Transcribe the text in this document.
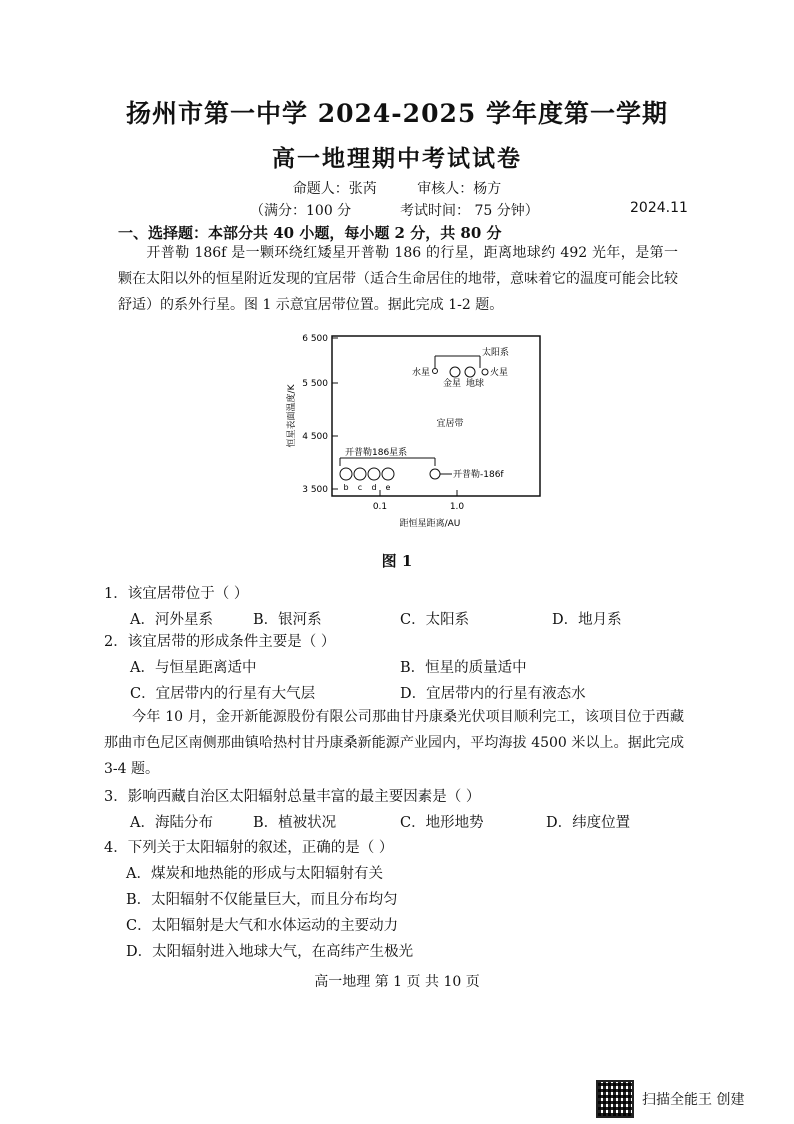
扬州市第一中学 2024-2025 学年度第一学期
高一地理期中考试试卷
命题人：张芮	审核人：杨方
（满分：100 分	考试时间： 75 分钟）	2024.11
一、选择题：本部分共 40 小题，每小题 2 分，共 80 分
开普勒 186f 是一颗环绕红矮星开普勒 186 的行星，距离地球约 492 光年，是第一颗在太阳以外的恒星附近发现的宜居带（适合生命居住的地带，意味着它的温度可能会比较舒适）的系外行星。图 1 示意宜居带位置。据此完成 1-2 题。
6 500
5 500
4 500
3 500
0.1	1.0
距恒星距离/AU
恒星表面温度/K
太阳系
水星
金星 地球
火星
宜居带
开普勒186星系
b c d e
开普勒-186f
图 1
1．该宜居带位于（ ）
A．河外星系	B．银河系	C．太阳系	D．地月系
2．该宜居带的形成条件主要是（ ）
A．与恒星距离适中	B．恒星的质量适中
C．宜居带内的行星有大气层	D．宜居带内的行星有液态水
今年 10 月，金开新能源股份有限公司那曲甘丹康桑光伏项目顺利完工，该项目位于西藏那曲市色尼区南侧那曲镇哈热村甘丹康桑新能源产业园内，平均海拔 4500 米以上。据此完成 3-4 题。
3．影响西藏自治区太阳辐射总量丰富的最主要因素是（ ）
A．海陆分布	B．植被状况	C．地形地势	D．纬度位置
4．下列关于太阳辐射的叙述，正确的是（ ）
A．煤炭和地热能的形成与太阳辐射有关
B．太阳辐射不仅能量巨大，而且分布均匀
C．太阳辐射是大气和水体运动的主要动力
D．太阳辐射进入地球大气，在高纬产生极光
高一地理 第 1 页 共 10 页
扫描全能王 创建
